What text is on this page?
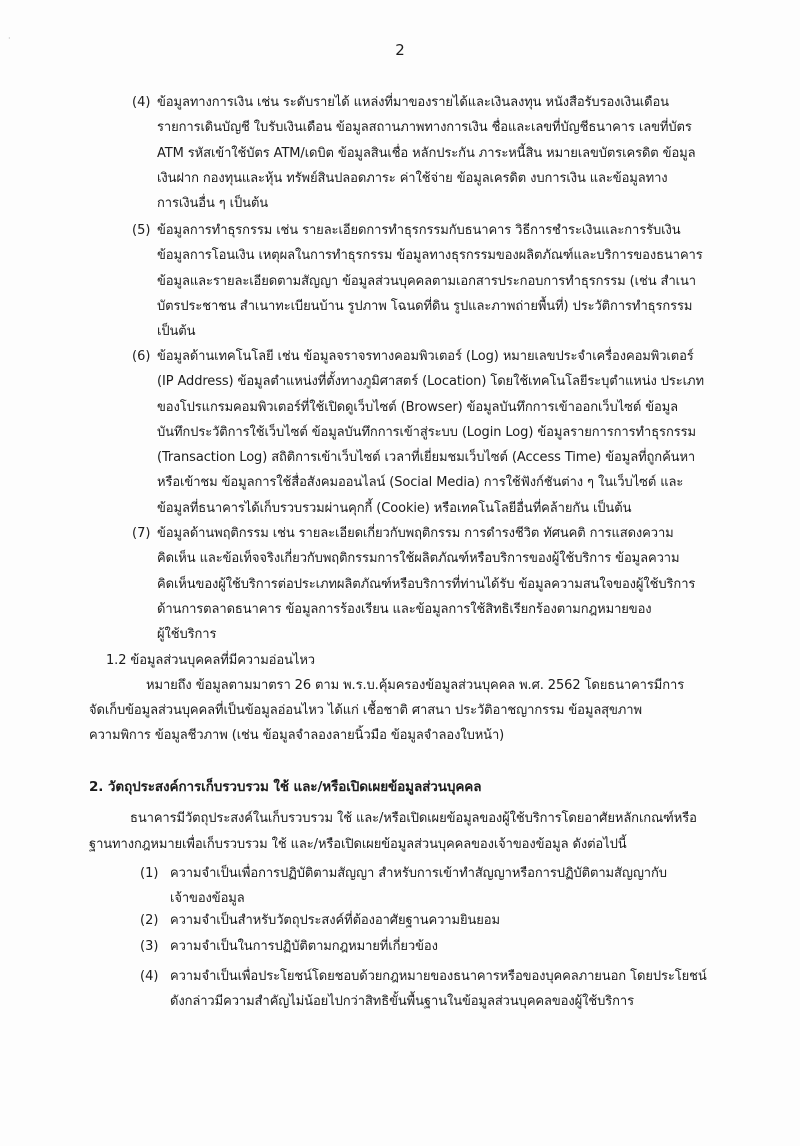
·
2
(4) ข้อมูลทางการเงิน เช่น ระดับรายได้ แหล่งที่มาของรายได้และเงินลงทุน หนังสือรับรองเงินเดือน
รายการเดินบัญชี ใบรับเงินเดือน ข้อมูลสถานภาพทางการเงิน ชื่อและเลขที่บัญชีธนาคาร เลขที่บัตร
ATM รหัสเข้าใช้บัตร ATM/เดบิต ข้อมูลสินเชื่อ หลักประกัน ภาระหนี้สิน หมายเลขบัตรเครดิต ข้อมูล
เงินฝาก กองทุนและหุ้น ทรัพย์สินปลอดภาระ ค่าใช้จ่าย ข้อมูลเครดิต งบการเงิน และข้อมูลทาง
การเงินอื่น ๆ เป็นต้น
(5) ข้อมูลการทำธุรกรรม เช่น รายละเอียดการทำธุรกรรมกับธนาคาร วิธีการชำระเงินและการรับเงิน
ข้อมูลการโอนเงิน เหตุผลในการทำธุรกรรม ข้อมูลทางธุรกรรมของผลิตภัณฑ์และบริการของธนาคาร
ข้อมูลและรายละเอียดตามสัญญา ข้อมูลส่วนบุคคลตามเอกสารประกอบการทำธุรกรรม (เช่น สำเนา
บัตรประชาชน สำเนาทะเบียนบ้าน รูปภาพ โฉนดที่ดิน รูปและภาพถ่ายพื้นที่) ประวัติการทำธุรกรรม
เป็นต้น
(6) ข้อมูลด้านเทคโนโลยี เช่น ข้อมูลจราจรทางคอมพิวเตอร์ (Log) หมายเลขประจำเครื่องคอมพิวเตอร์
(IP Address) ข้อมูลตำแหน่งที่ตั้งทางภูมิศาสตร์ (Location) โดยใช้เทคโนโลยีระบุตำแหน่ง ประเภท
ของโปรแกรมคอมพิวเตอร์ที่ใช้เปิดดูเว็บไซต์ (Browser) ข้อมูลบันทึกการเข้าออกเว็บไซต์ ข้อมูล
บันทึกประวัติการใช้เว็บไซต์ ข้อมูลบันทึกการเข้าสู่ระบบ (Login Log) ข้อมูลรายการการทำธุรกรรม
(Transaction Log) สถิติการเข้าเว็บไซต์ เวลาที่เยี่ยมชมเว็บไซต์ (Access Time) ข้อมูลที่ถูกค้นหา
หรือเข้าชม ข้อมูลการใช้สื่อสังคมออนไลน์ (Social Media) การใช้ฟังก์ชันต่าง ๆ ในเว็บไซต์ และ
ข้อมูลที่ธนาคารได้เก็บรวบรวมผ่านคุกกี้ (Cookie) หรือเทคโนโลยีอื่นที่คล้ายกัน เป็นต้น
(7) ข้อมูลด้านพฤติกรรม เช่น รายละเอียดเกี่ยวกับพฤติกรรม การดำรงชีวิต ทัศนคติ การแสดงความ
คิดเห็น และข้อเท็จจริงเกี่ยวกับพฤติกรรมการใช้ผลิตภัณฑ์หรือบริการของผู้ใช้บริการ ข้อมูลความ
คิดเห็นของผู้ใช้บริการต่อประเภทผลิตภัณฑ์หรือบริการที่ท่านได้รับ ข้อมูลความสนใจของผู้ใช้บริการ
ด้านการตลาดธนาคาร ข้อมูลการร้องเรียน และข้อมูลการใช้สิทธิเรียกร้องตามกฎหมายของ
ผู้ใช้บริการ
1.2 ข้อมูลส่วนบุคคลที่มีความอ่อนไหว
หมายถึง ข้อมูลตามมาตรา 26 ตาม พ.ร.บ.คุ้มครองข้อมูลส่วนบุคคล พ.ศ. 2562 โดยธนาคารมีการ
จัดเก็บข้อมูลส่วนบุคคลที่เป็นข้อมูลอ่อนไหว ได้แก่ เชื้อชาติ ศาสนา ประวัติอาชญากรรม ข้อมูลสุขภาพ
ความพิการ ข้อมูลชีวภาพ (เช่น ข้อมูลจำลองลายนิ้วมือ ข้อมูลจำลองใบหน้า)
2. วัตถุประสงค์การเก็บรวบรวม ใช้ และ/หรือเปิดเผยข้อมูลส่วนบุคคล
ธนาคารมีวัตถุประสงค์ในเก็บรวบรวม ใช้ และ/หรือเปิดเผยข้อมูลของผู้ใช้บริการโดยอาศัยหลักเกณฑ์หรือ
ฐานทางกฎหมายเพื่อเก็บรวบรวม ใช้ และ/หรือเปิดเผยข้อมูลส่วนบุคคลของเจ้าของข้อมูล ดังต่อไปนี้
(1) ความจำเป็นเพื่อการปฏิบัติตามสัญญา สำหรับการเข้าทำสัญญาหรือการปฏิบัติตามสัญญากับ
เจ้าของข้อมูล
(2) ความจำเป็นสำหรับวัตถุประสงค์ที่ต้องอาศัยฐานความยินยอม
(3) ความจำเป็นในการปฏิบัติตามกฎหมายที่เกี่ยวข้อง
(4) ความจำเป็นเพื่อประโยชน์โดยชอบด้วยกฎหมายของธนาคารหรือของบุคคลภายนอก โดยประโยชน์
ดังกล่าวมีความสำคัญไม่น้อยไปกว่าสิทธิขั้นพื้นฐานในข้อมูลส่วนบุคคลของผู้ใช้บริการ
